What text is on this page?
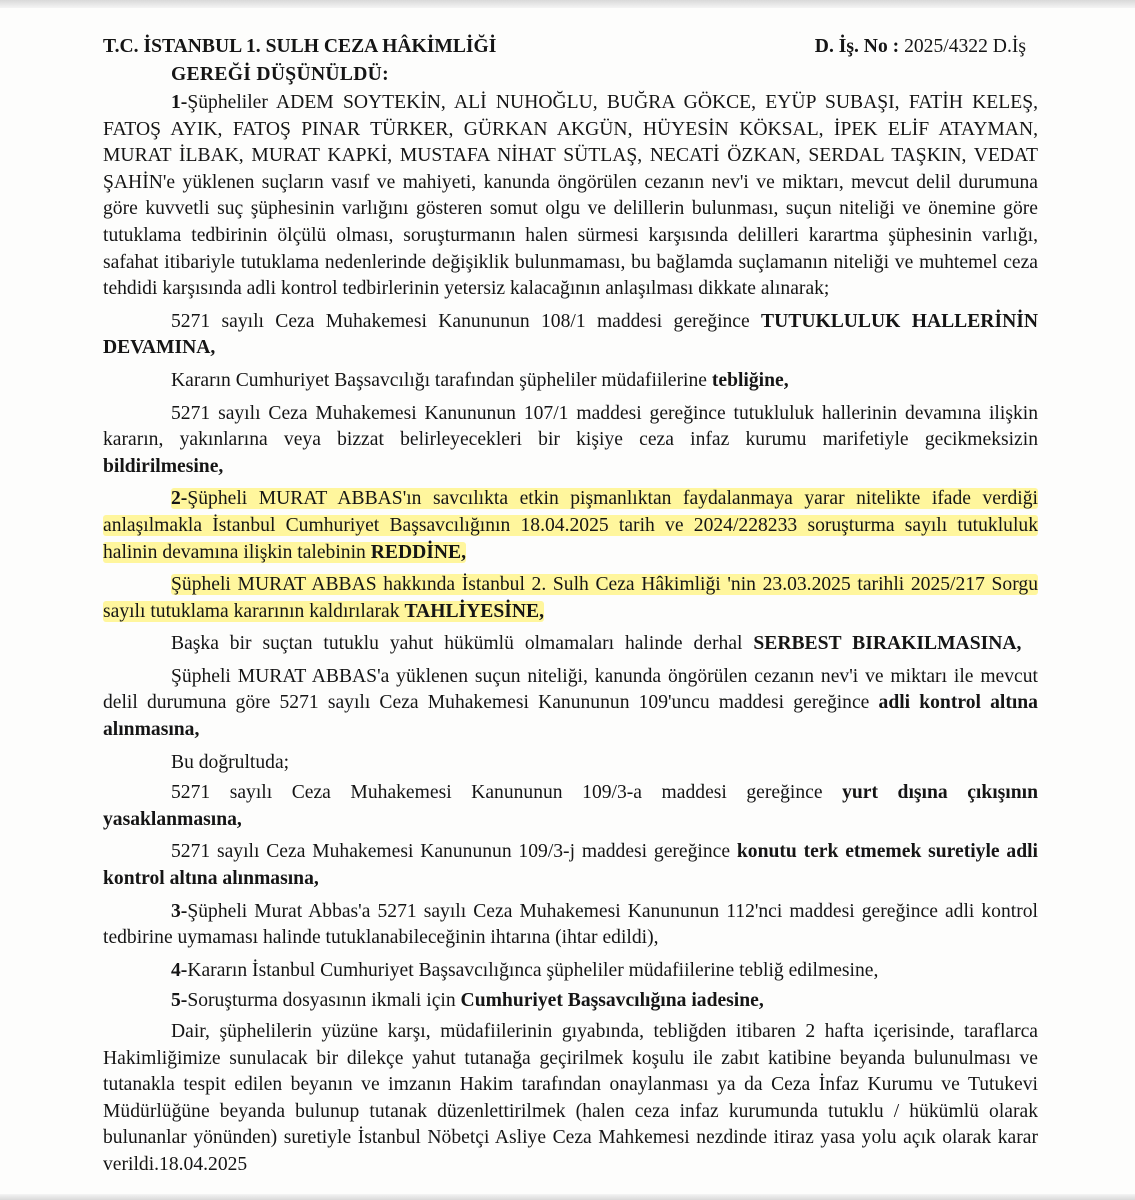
T.C. İSTANBUL 1. SULH CEZA HÂKİMLİĞİ	D. İş. No : 2025/4322 D.İş
GEREĞİ DÜŞÜNÜLDÜ:

1-Şüpheliler ADEM SOYTEKİN, ALİ NUHOĞLU, BUĞRA GÖKCE, EYÜP SUBAŞI, FATİH KELEŞ, FATOŞ AYIK, FATOŞ PINAR TÜRKER, GÜRKAN AKGÜN, HÜYESİN KÖKSAL, İPEK ELİF ATAYMAN, MURAT İLBAK, MURAT KAPKİ, MUSTAFA NİHAT SÜTLAŞ, NECATİ ÖZKAN, SERDAL TAŞKIN, VEDAT ŞAHİN'e yüklenen suçların vasıf ve mahiyeti, kanunda öngörülen cezanın nev'i ve miktarı, mevcut delil durumuna göre kuvvetli suç şüphesinin varlığını gösteren somut olgu ve delillerin bulunması, suçun niteliği ve önemine göre tutuklama tedbirinin ölçülü olması, soruşturmanın halen sürmesi karşısında delilleri karartma şüphesinin varlığı, safahat itibariyle tutuklama nedenlerinde değişiklik bulunmaması, bu bağlamda suçlamanın niteliği ve muhtemel ceza tehdidi karşısında adli kontrol tedbirlerinin yetersiz kalacağının anlaşılması dikkate alınarak;

5271 sayılı Ceza Muhakemesi Kanununun 108/1 maddesi gereğince TUTUKLULUK HALLERİNİN DEVAMINA,

Kararın Cumhuriyet Başsavcılığı tarafından şüpheliler müdafiilerine tebliğine,

5271 sayılı Ceza Muhakemesi Kanununun 107/1 maddesi gereğince tutukluluk hallerinin devamına ilişkin kararın, yakınlarına veya bizzat belirleyecekleri bir kişiye ceza infaz kurumu marifetiyle gecikmeksizin bildirilmesine,

2-Şüpheli MURAT ABBAS'ın savcılıkta etkin pişmanlıktan faydalanmaya yarar nitelikte ifade verdiği anlaşılmakla İstanbul Cumhuriyet Başsavcılığının 18.04.2025 tarih ve 2024/228233 soruşturma sayılı tutukluluk halinin devamına ilişkin talebinin REDDİNE,

Şüpheli MURAT ABBAS hakkında İstanbul 2. Sulh Ceza Hâkimliği 'nin 23.03.2025 tarihli 2025/217 Sorgu sayılı tutuklama kararının kaldırılarak TAHLİYESİNE,

Başka bir suçtan tutuklu yahut hükümlü olmamaları halinde derhal SERBEST BIRAKILMASINA,

Şüpheli MURAT ABBAS'a yüklenen suçun niteliği, kanunda öngörülen cezanın nev'i ve miktarı ile mevcut delil durumuna göre 5271 sayılı Ceza Muhakemesi Kanununun 109'uncu maddesi gereğince adli kontrol altına alınmasına,

Bu doğrultuda;

5271 sayılı Ceza Muhakemesi Kanununun 109/3-a maddesi gereğince yurt dışına çıkışının yasaklanmasına,

5271 sayılı Ceza Muhakemesi Kanununun 109/3-j maddesi gereğince konutu terk etmemek suretiyle adli kontrol altına alınmasına,

3-Şüpheli Murat Abbas'a 5271 sayılı Ceza Muhakemesi Kanununun 112'nci maddesi gereğince adli kontrol tedbirine uymaması halinde tutuklanabileceğinin ihtarına (ihtar edildi),

4-Kararın İstanbul Cumhuriyet Başsavcılığınca şüpheliler müdafiilerine tebliğ edilmesine,

5-Soruşturma dosyasının ikmali için Cumhuriyet Başsavcılığına iadesine,

Dair, şüphelilerin yüzüne karşı, müdafiilerinin gıyabında, tebliğden itibaren 2 hafta içerisinde, taraflarca Hakimliğimize sunulacak bir dilekçe yahut tutanağa geçirilmek koşulu ile zabıt katibine beyanda bulunulması ve tutanakla tespit edilen beyanın ve imzanın Hakim tarafından onaylanması ya da Ceza İnfaz Kurumu ve Tutukevi Müdürlüğüne beyanda bulunup tutanak düzenlettirilmek (halen ceza infaz kurumunda tutuklu / hükümlü olarak bulunanlar yönünden) suretiyle İstanbul Nöbetçi Asliye Ceza Mahkemesi nezdinde itiraz yasa yolu açık olarak karar verildi.18.04.2025
